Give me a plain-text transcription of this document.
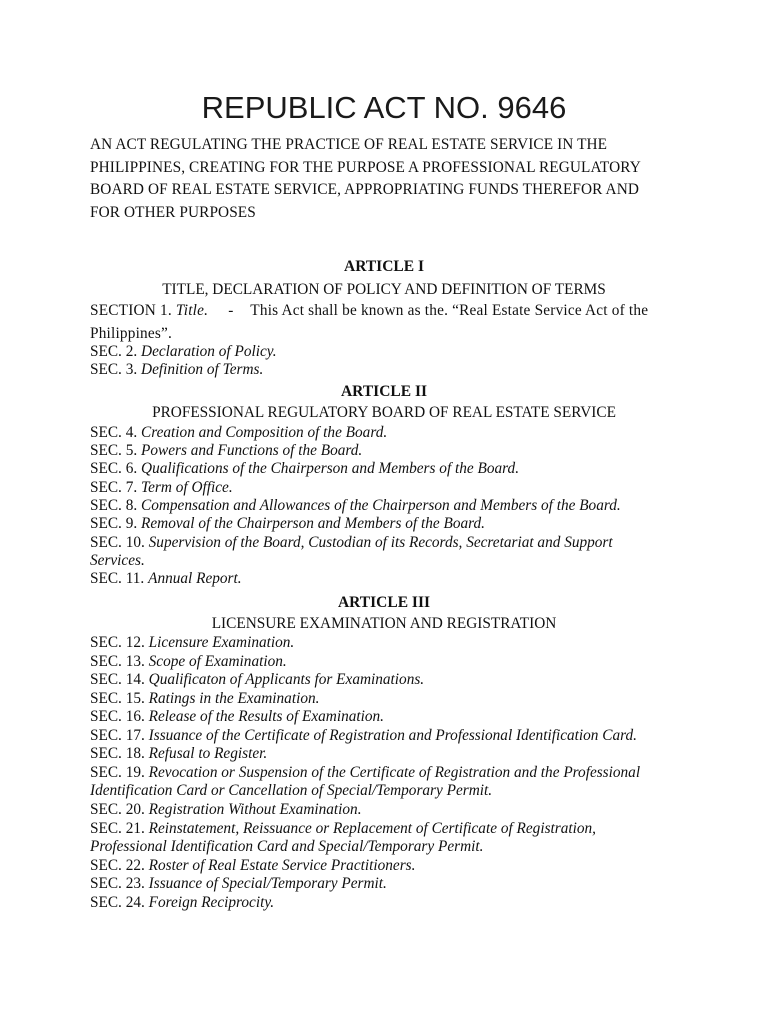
REPUBLIC ACT NO. 9646
AN ACT REGULATING THE PRACTICE OF REAL ESTATE SERVICE IN THE
PHILIPPINES, CREATING FOR THE PURPOSE A PROFESSIONAL REGULATORY
BOARD OF REAL ESTATE SERVICE, APPROPRIATING FUNDS THEREFOR AND
FOR OTHER PURPOSES
ARTICLE I
TITLE, DECLARATION OF POLICY AND DEFINITION OF TERMS
SECTION 1. Title. - This Act shall be known as the. “Real Estate Service Act of the
Philippines”.
SEC. 2. Declaration of Policy.
SEC. 3. Definition of Terms.
ARTICLE II
PROFESSIONAL REGULATORY BOARD OF REAL ESTATE SERVICE
SEC. 4. Creation and Composition of the Board.
SEC. 5. Powers and Functions of the Board.
SEC. 6. Qualifications of the Chairperson and Members of the Board.
SEC. 7. Term of Office.
SEC. 8. Compensation and Allowances of the Chairperson and Members of the Board.
SEC. 9. Removal of the Chairperson and Members of the Board.
SEC. 10. Supervision of the Board, Custodian of its Records, Secretariat and Support
Services.
SEC. 11. Annual Report.
ARTICLE III
LICENSURE EXAMINATION AND REGISTRATION
SEC. 12. Licensure Examination.
SEC. 13. Scope of Examination.
SEC. 14. Qualificaton of Applicants for Examinations.
SEC. 15. Ratings in the Examination.
SEC. 16. Release of the Results of Examination.
SEC. 17. Issuance of the Certificate of Registration and Professional Identification Card.
SEC. 18. Refusal to Register.
SEC. 19. Revocation or Suspension of the Certificate of Registration and the Professional
Identification Card or Cancellation of Special/Temporary Permit.
SEC. 20. Registration Without Examination.
SEC. 21. Reinstatement, Reissuance or Replacement of Certificate of Registration,
Professional Identification Card and Special/Temporary Permit.
SEC. 22. Roster of Real Estate Service Practitioners.
SEC. 23. Issuance of Special/Temporary Permit.
SEC. 24. Foreign Reciprocity.
